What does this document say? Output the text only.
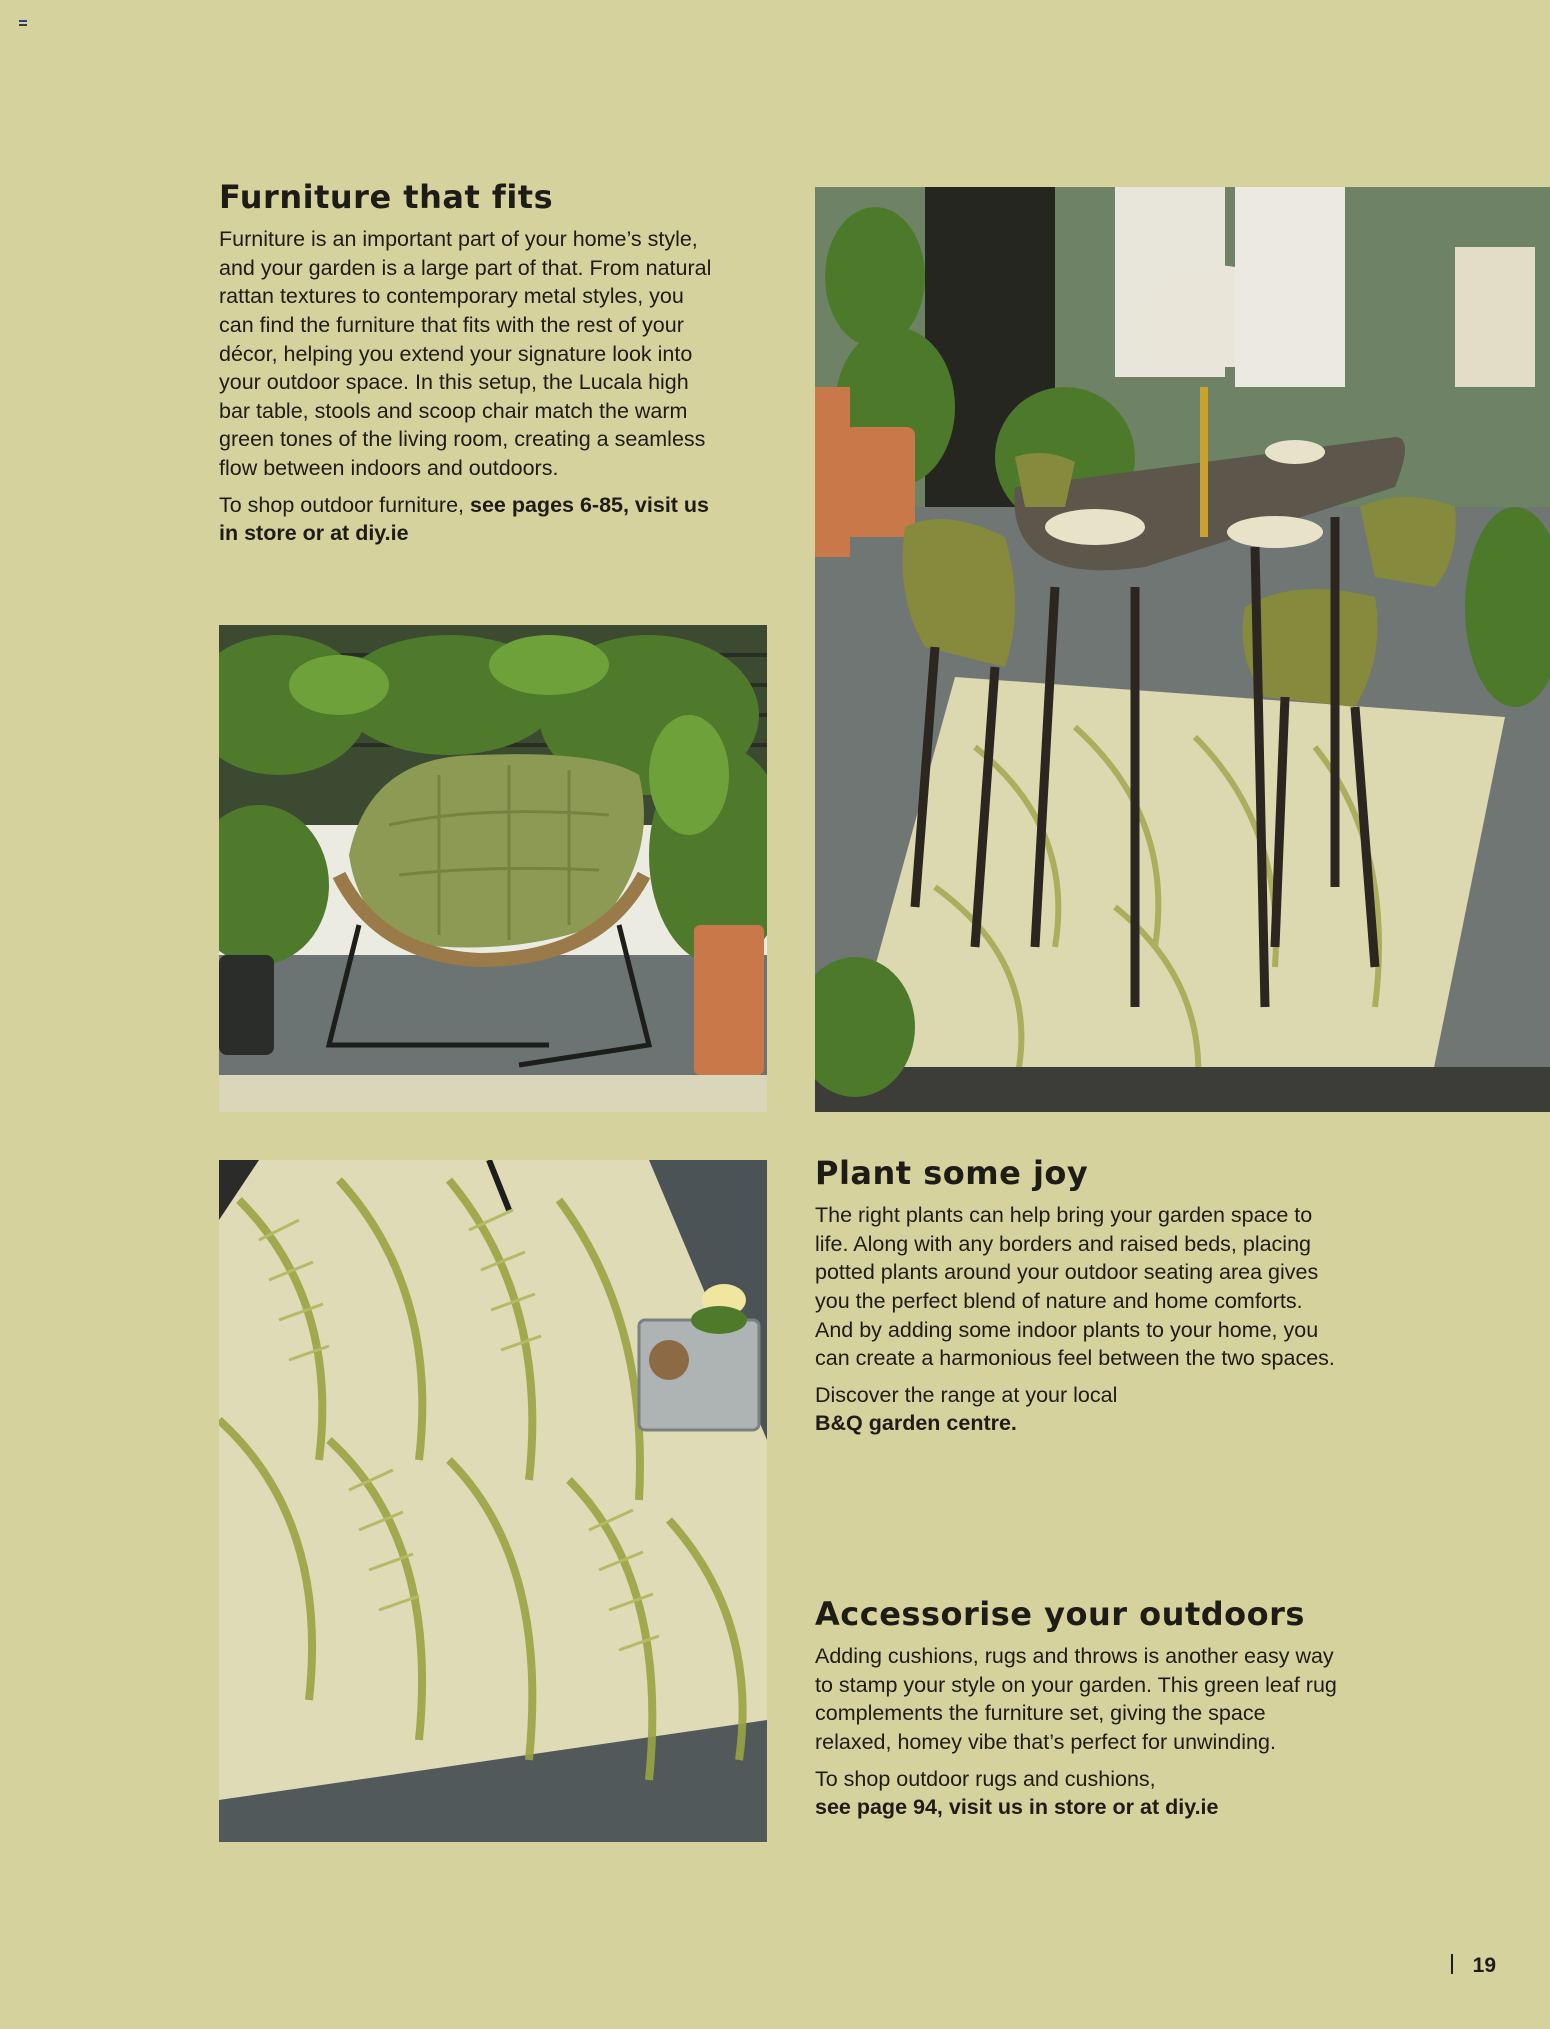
Furniture that fits

Furniture is an important part of your home’s style, and your garden is a large part of that. From natural rattan textures to contemporary metal styles, you can find the furniture that fits with the rest of your décor, helping you extend your signature look into your outdoor space. In this setup, the Lucala high bar table, stools and scoop chair match the warm green tones of the living room, creating a seamless flow between indoors and outdoors.

To shop outdoor furniture, see pages 6-85, visit us in store or at diy.ie

Plant some joy

The right plants can help bring your garden space to life. Along with any borders and raised beds, placing potted plants around your outdoor seating area gives you the perfect blend of nature and home comforts. And by adding some indoor plants to your home, you can create a harmonious feel between the two spaces.

Discover the range at your local
B&Q garden centre.

Accessorise your outdoors

Adding cushions, rugs and throws is another easy way to stamp your style on your garden. This green leaf rug complements the furniture set, giving the space relaxed, homey vibe that’s perfect for unwinding.

To shop outdoor rugs and cushions,
see page 94, visit us in store or at diy.ie

19
